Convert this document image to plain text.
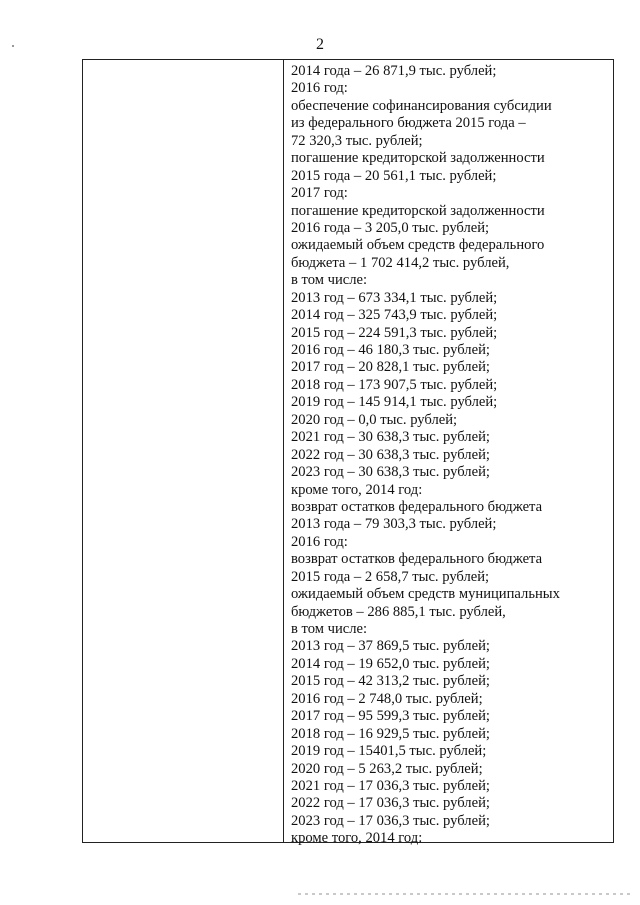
2
2014 года – 26 871,9 тыс. рублей;
2016 год:
обеспечение софинансирования субсидии
из федерального бюджета 2015 года –
72 320,3 тыс. рублей;
погашение кредиторской задолженности
2015 года – 20 561,1 тыс. рублей;
2017 год:
погашение кредиторской задолженности
2016 года – 3 205,0 тыс. рублей;
ожидаемый объем средств федерального
бюджета – 1 702 414,2 тыс. рублей,
в том числе:
2013 год – 673 334,1 тыс. рублей;
2014 год – 325 743,9 тыс. рублей;
2015 год – 224 591,3 тыс. рублей;
2016 год – 46 180,3 тыс. рублей;
2017 год – 20 828,1 тыс. рублей;
2018 год – 173 907,5 тыс. рублей;
2019 год – 145 914,1 тыс. рублей;
2020 год – 0,0 тыс. рублей;
2021 год – 30 638,3 тыс. рублей;
2022 год – 30 638,3 тыс. рублей;
2023 год – 30 638,3 тыс. рублей;
кроме того, 2014 год:
возврат остатков федерального бюджета
2013 года – 79 303,3 тыс. рублей;
2016 год:
возврат остатков федерального бюджета
2015 года – 2 658,7 тыс. рублей;
ожидаемый объем средств муниципальных
бюджетов – 286 885,1 тыс. рублей,
в том числе:
2013 год – 37 869,5 тыс. рублей;
2014 год – 19 652,0 тыс. рублей;
2015 год – 42 313,2 тыс. рублей;
2016 год – 2 748,0 тыс. рублей;
2017 год – 95 599,3 тыс. рублей;
2018 год – 16 929,5 тыс. рублей;
2019 год – 15401,5 тыс. рублей;
2020 год – 5 263,2 тыс. рублей;
2021 год – 17 036,3 тыс. рублей;
2022 год – 17 036,3 тыс. рублей;
2023 год – 17 036,3 тыс. рублей;
кроме того, 2014 год:
